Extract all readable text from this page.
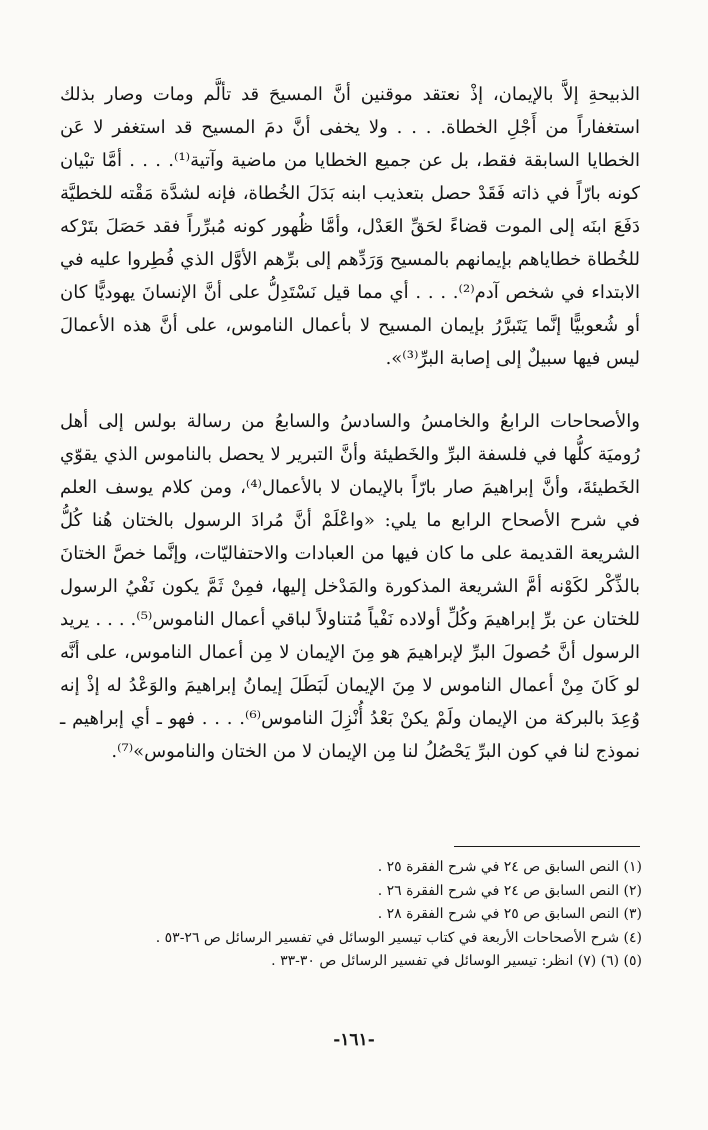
الذبيحةِ إلاَّ بالإيمان، إذْ نعتقد موقنين أنَّ المسيحَ قد تألَّم ومات وصار بذلك استغفاراً من أَجْلِ الخطاة. . . . ولا يخفى أنَّ دمَ المسيح قد استغفر لا عَن الخطايا السابقة فقط، بل عن جميع الخطايا من ماضية وآتية⁽¹⁾. . . . أمَّا تبْيان كونه بارّاً في ذاته فَقَدْ حصل بتعذيب ابنه بَدَلَ الخُطاة، فإنه لشدَّة مَقْته للخطيَّة دَفَعَ ابنَه إلى الموت قضاءً لحَقِّ العَدْل، وأمَّا ظُهور كونه مُبرِّراً فقد حَصَلَ بتَرْكه للخُطاة خطاياهم بإيمانهم بالمسيح وَرَدِّهم إلى برِّهم الأوَّل الذي فُطِروا عليه في الابتداء في شخص آدم⁽²⁾. . . . أي مما قيل نَسْتَدِلُّ على أنَّ الإنسانَ يهوديًّا كان أو شُعوبيًّا إنَّما يَتَبرَّرُ بإيمان المسيح لا بأعمال الناموس، على أنَّ هذه الأعمالَ ليس فيها سبيلٌ إلى إصابة البرِّ⁽³⁾».

والأصحاحات الرابعُ والخامسُ والسادسُ والسابعُ من رسالة بولس إلى أهل رُوميَة كلُّها في فلسفة البرِّ والخَطيئة وأنَّ التبرير لا يحصل بالناموس الذي يقوّي الخَطيئةَ، وأنَّ إبراهيمَ صار بارّاً بالإيمان لا بالأعمال⁽⁴⁾، ومن كلام يوسف العلم في شرح الأصحاح الرابع ما يلي: «واعْلَمْ أنَّ مُرادَ الرسول بالختان هُنا كُلُّ الشريعة القديمة على ما كان فيها من العبادات والاحتفاليّات، وإنَّما خصَّ الختانَ بالذِّكْر لكَوْنه أمَّ الشريعة المذكورة والمَدْخل إليها، فمِنْ ثَمَّ يكون نَفْيُ الرسول للختان عن برِّ إبراهيمَ وكُلِّ أولاده نَفْياً مُتناولاً لباقي أعمال الناموس⁽⁵⁾. . . . يريد الرسول أنَّ حُصولَ البرِّ لإبراهيمَ هو مِنَ الإيمان لا مِن أعمال الناموس، على أنَّه لو كَانَ مِنْ أعمال الناموس لا مِنَ الإيمان لَبَطَلَ إيمانُ إبراهيمَ والوَعْدُ له إذْ إنه وُعِدَ بالبركة من الإيمان ولَمْ يكنْ بَعْدُ أُنْزِلَ الناموس⁽⁶⁾. . . . فهو ـ أي إبراهيم ـ نموذج لنا في كون البرِّ يَحْصُلُ لنا مِن الإيمان لا من الختان والناموس»⁽⁷⁾.

(١) النص السابق ص ٢٤ في شرح الفقرة ٢٥ .
(٢) النص السابق ص ٢٤ في شرح الفقرة ٢٦ .
(٣) النص السابق ص ٢٥ في شرح الفقرة ٢٨ .
(٤) شرح الأصحاحات الأربعة في كتاب تيسير الوسائل في تفسير الرسائل ص ٢٦-٥٣ .
(٥) (٦) (٧) انظر: تيسير الوسائل في تفسير الرسائل ص ٣٠-٣٣ .
-١٦١-
